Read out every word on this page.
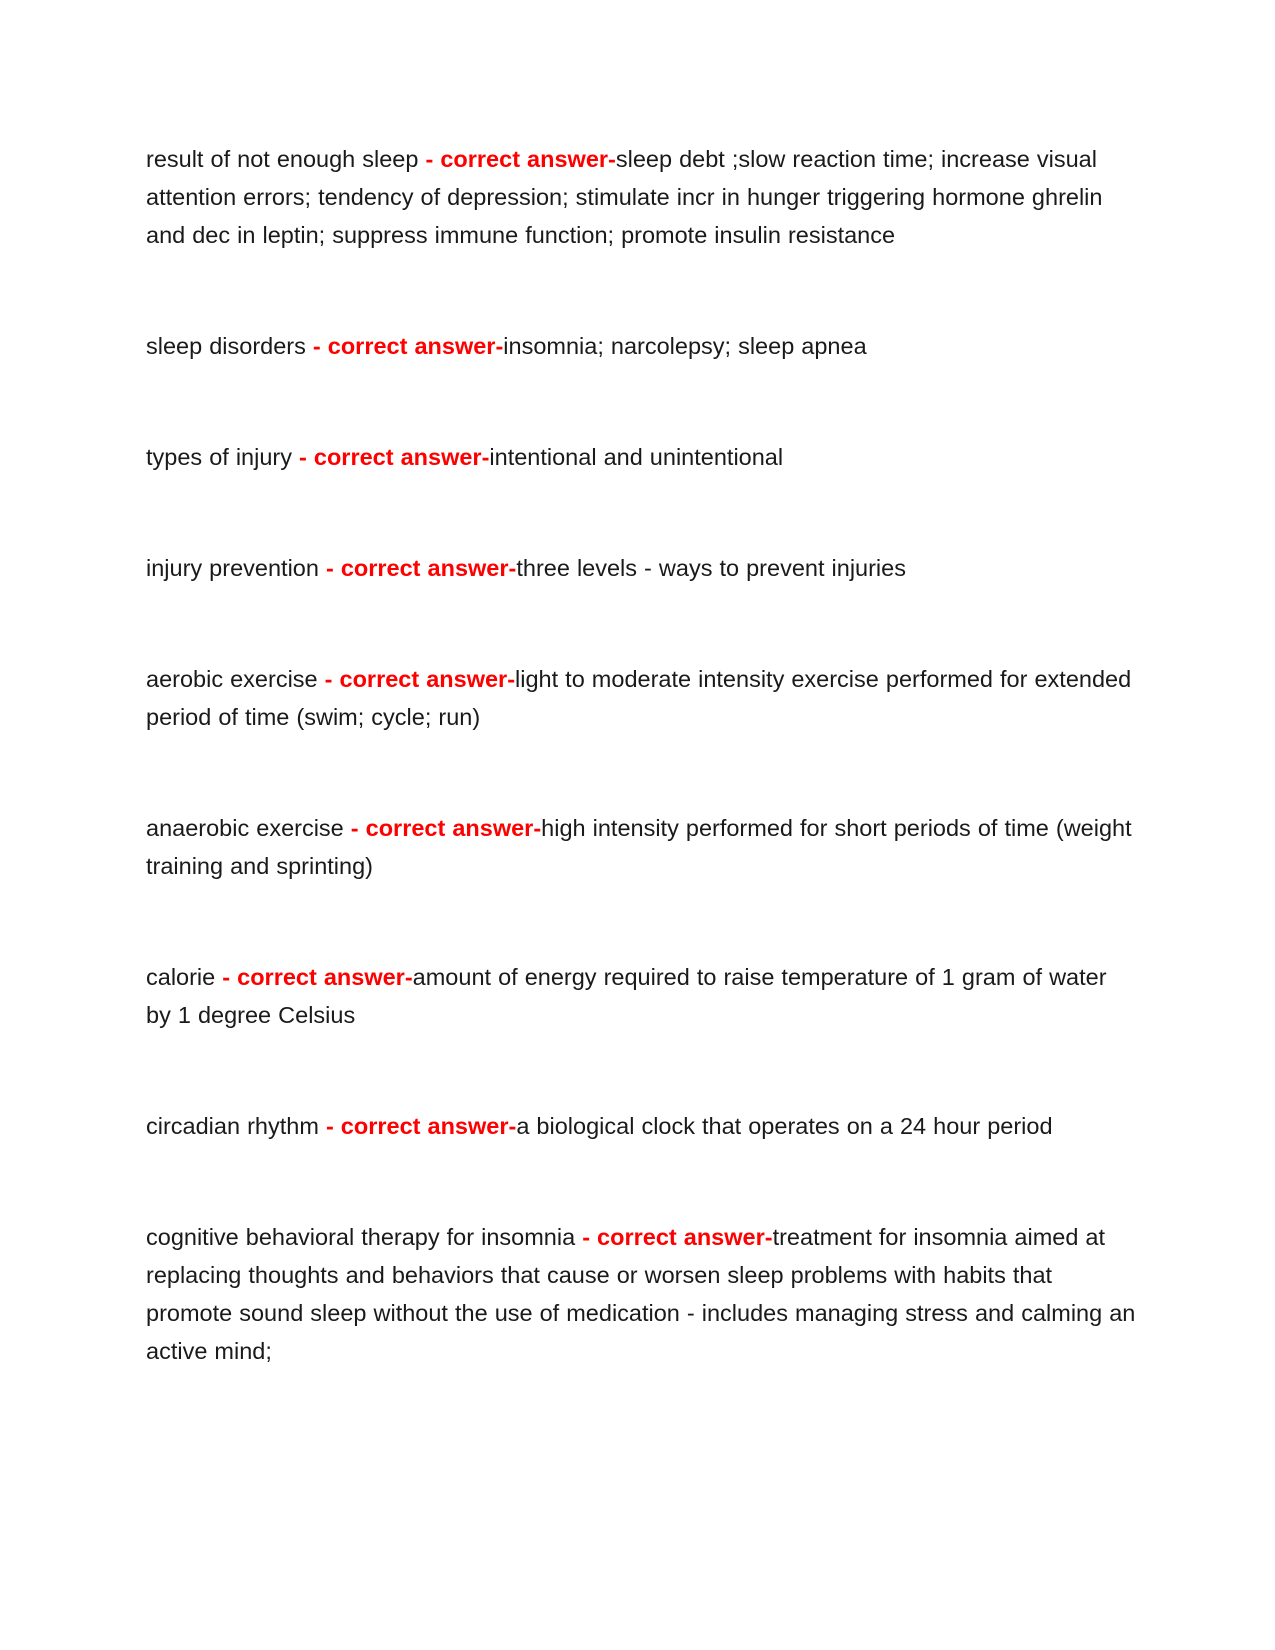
result of not enough sleep - correct answer-sleep debt ;slow reaction time; increase visual attention errors; tendency of depression; stimulate incr in hunger triggering hormone ghrelin and dec in leptin; suppress immune function; promote insulin resistance

sleep disorders - correct answer-insomnia; narcolepsy; sleep apnea

types of injury - correct answer-intentional and unintentional

injury prevention - correct answer-three levels - ways to prevent injuries

aerobic exercise - correct answer-light to moderate intensity exercise performed for extended period of time (swim; cycle; run)

anaerobic exercise - correct answer-high intensity performed for short periods of time (weight training and sprinting)

calorie - correct answer-amount of energy required to raise temperature of 1 gram of water by 1 degree Celsius

circadian rhythm - correct answer-a biological clock that operates on a 24 hour period

cognitive behavioral therapy for insomnia - correct answer-treatment for insomnia aimed at replacing thoughts and behaviors that cause or worsen sleep problems with habits that promote sound sleep without the use of medication - includes managing stress and calming an active mind;
